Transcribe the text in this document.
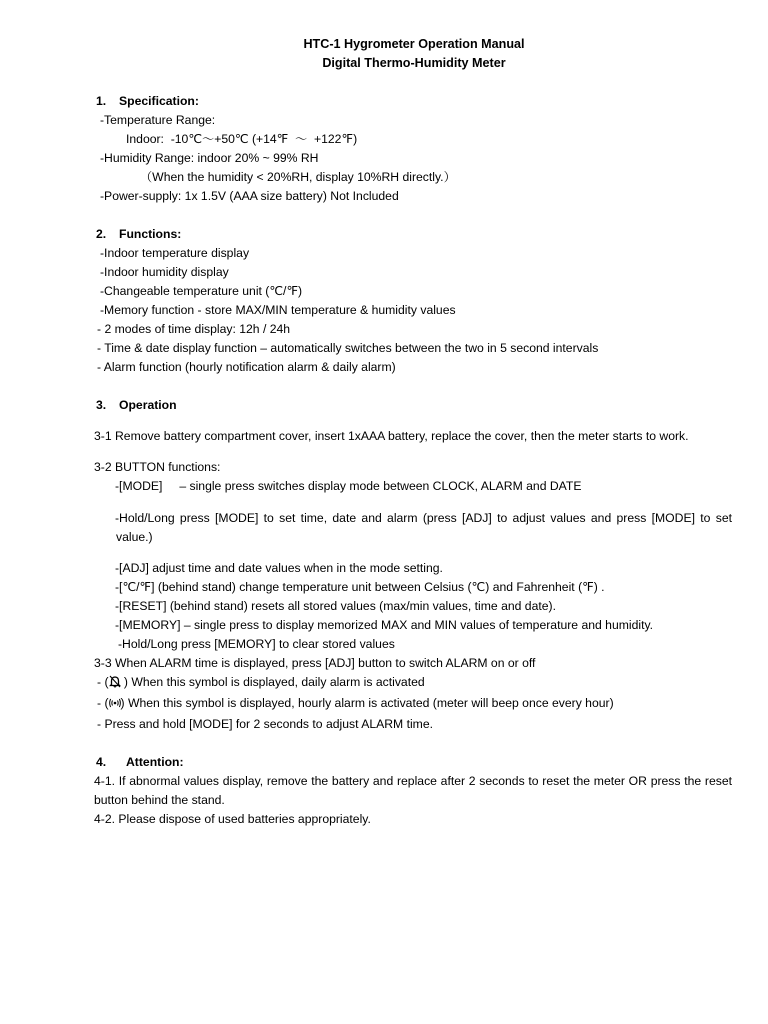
HTC-1 Hygrometer Operation Manual

Digital Thermo-Humidity Meter

1. Specification:

-Temperature Range:

Indoor:  -10℃～+50℃ (+14℉  ～  +122℉)

-Humidity Range: indoor 20% ~ 99% RH

（When the humidity < 20%RH, display 10%RH directly.）

-Power-supply: 1x 1.5V (AAA size battery) Not Included

2. Functions:

-Indoor temperature display

-Indoor humidity display

-Changeable temperature unit (℃/℉)

-Memory function - store MAX/MIN temperature & humidity values

- 2 modes of time display: 12h / 24h

- Time & date display function – automatically switches between the two in 5 second intervals

- Alarm function (hourly notification alarm & daily alarm)

3. Operation

3-1 Remove battery compartment cover, insert 1xAAA battery, replace the cover, then the meter starts to work.

3-2 BUTTON functions:

-[MODE]     – single press switches display mode between CLOCK, ALARM and DATE

-Hold/Long press [MODE] to set time, date and alarm (press [ADJ] to adjust values and press [MODE] to set value.)

-[ADJ] adjust time and date values when in the mode setting.

-[℃/℉] (behind stand) change temperature unit between Celsius (℃) and Fahrenheit (℉) .

-[RESET] (behind stand) resets all stored values (max/min values, time and date).

-[MEMORY] – single press to display memorized MAX and MIN values of temperature and humidity.

-Hold/Long press [MEMORY] to clear stored values

3-3 When ALARM time is displayed, press [ADJ] button to switch ALARM on or off

- ( ) When this symbol is displayed, daily alarm is activated

- ( ) When this symbol is displayed, hourly alarm is activated (meter will beep once every hour)

- Press and hold [MODE] for 2 seconds to adjust ALARM time.

4. Attention:

4-1. If abnormal values display, remove the battery and replace after 2 seconds to reset the meter OR press the reset button behind the stand.

4-2. Please dispose of used batteries appropriately.
